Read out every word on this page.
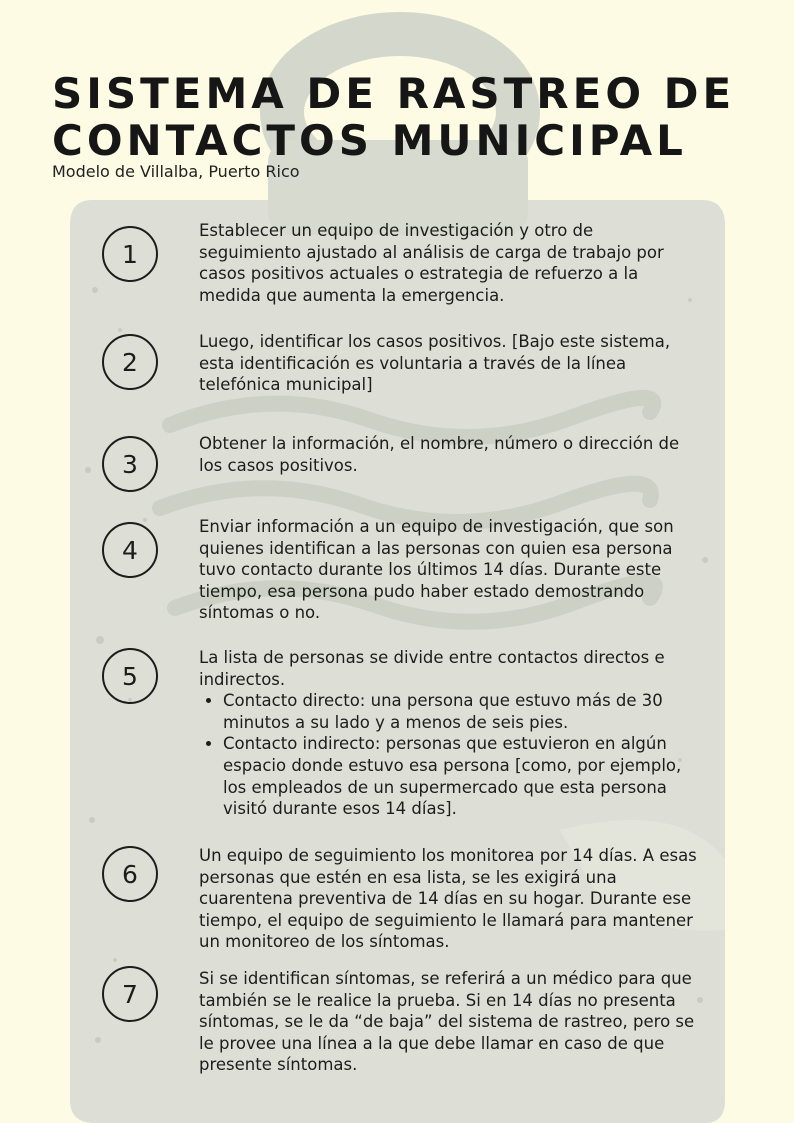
SISTEMA DE RASTREO DE
CONTACTOS MUNICIPAL
Modelo de Villalba, Puerto Rico
1

Establecer un equipo de investigación y otro de seguimiento ajustado al análisis de carga de trabajo por casos positivos actuales o estrategia de refuerzo a la medida que aumenta la emergencia.

2

Luego, identificar los casos positivos. [Bajo este sistema, esta identificación es voluntaria a través de la línea telefónica municipal]

3

Obtener la información, el nombre, número o dirección de los casos positivos.

4

Enviar información a un equipo de investigación, que son quienes identifican a las personas con quien esa persona tuvo contacto durante los últimos 14 días. Durante este tiempo, esa persona pudo haber estado demostrando síntomas o no.

5

La lista de personas se divide entre contactos directos e indirectos.

• Contacto directo: una persona que estuvo más de 30 minutos a su lado y a menos de seis pies.
• Contacto indirecto: personas que estuvieron en algún espacio donde estuvo esa persona [como, por ejemplo, los empleados de un supermercado que esta persona visitó durante esos 14 días].
6

Un equipo de seguimiento los monitorea por 14 días. A esas personas que estén en esa lista, se les exigirá una cuarentena preventiva de 14 días en su hogar. Durante ese tiempo, el equipo de seguimiento le llamará para mantener un monitoreo de los síntomas.

7

Si se identifican síntomas, se referirá a un médico para que también se le realice la prueba. Si en 14 días no presenta síntomas, se le da “de baja” del sistema de rastreo, pero se le provee una línea a la que debe llamar en caso de que presente síntomas.
